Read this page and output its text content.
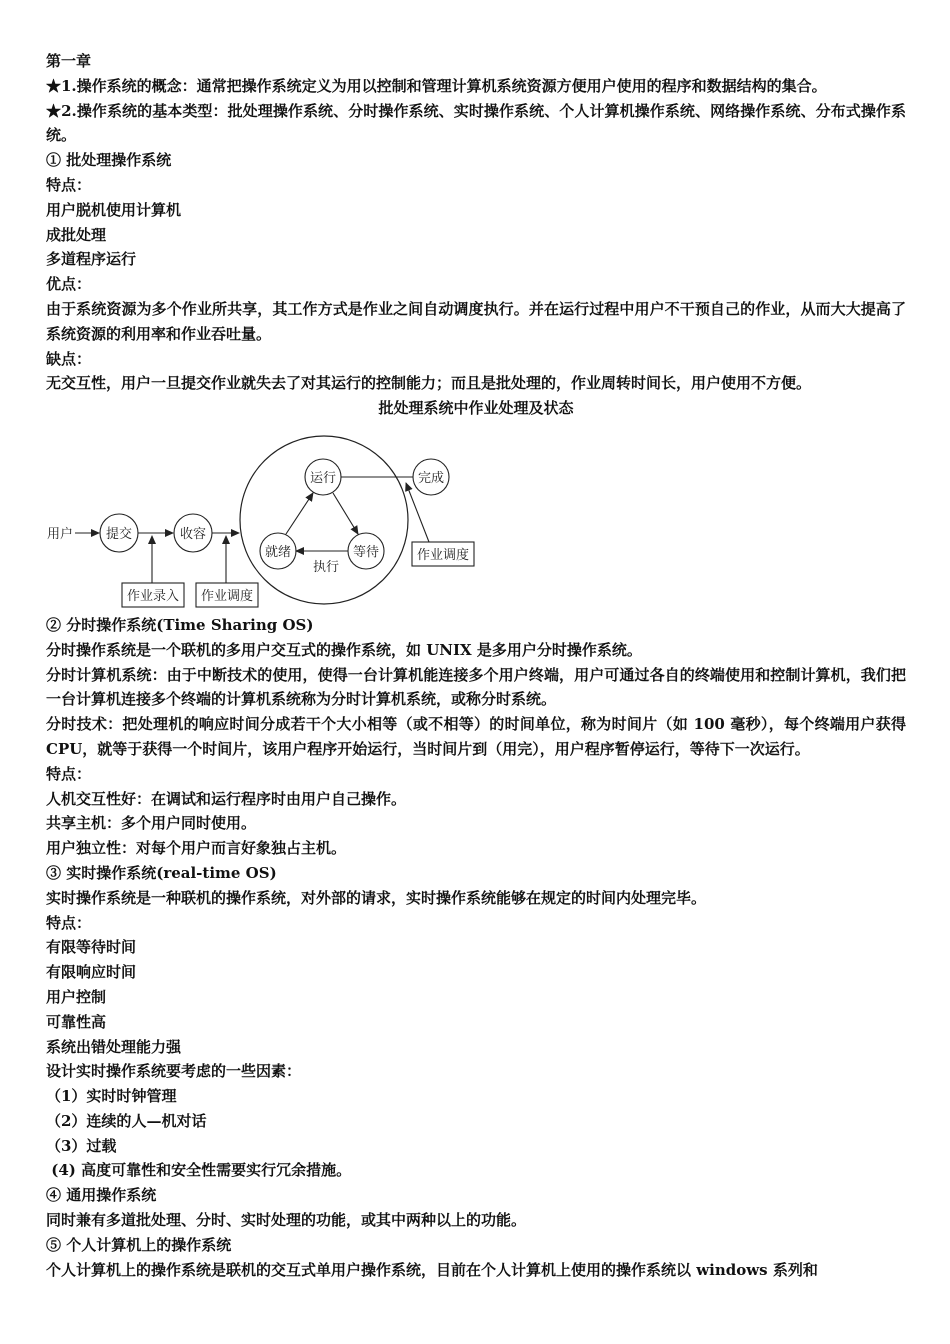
第一章
★1.操作系统的概念：通常把操作系统定义为用以控制和管理计算机系统资源方便用户使用的程序和数据结构的集合。
★2.操作系统的基本类型：批处理操作系统、分时操作系统、实时操作系统、个人计算机操作系统、网络操作系统、分布式操作系统。
① 批处理操作系统
特点：
用户脱机使用计算机
成批处理
多道程序运行
优点：
由于系统资源为多个作业所共享，其工作方式是作业之间自动调度执行。并在运行过程中用户不干预自己的作业，从而大大提高了系统资源的利用率和作业吞吐量。
缺点：
无交互性，用户一旦提交作业就失去了对其运行的控制能力；而且是批处理的，作业周转时间长，用户使用不方便。
批处理系统中作业处理及状态
用户	提交	收容
运行
就绪	等待
完成
执行
作业录入 作业调度
作业调度
② 分时操作系统(Time Sharing OS)
分时操作系统是一个联机的多用户交互式的操作系统，如 UNIX 是多用户分时操作系统。
分时计算机系统：由于中断技术的使用，使得一台计算机能连接多个用户终端，用户可通过各自的终端使用和控制计算机，我们把一台计算机连接多个终端的计算机系统称为分时计算机系统，或称分时系统。
分时技术：把处理机的响应时间分成若干个大小相等（或不相等）的时间单位，称为时间片（如 100 毫秒），每个终端用户获得 CPU，就等于获得一个时间片，该用户程序开始运行，当时间片到（用完），用户程序暂停运行，等待下一次运行。
特点：
人机交互性好：在调试和运行程序时由用户自己操作。
共享主机：多个用户同时使用。
用户独立性：对每个用户而言好象独占主机。
③ 实时操作系统(real-time OS)
实时操作系统是一种联机的操作系统，对外部的请求，实时操作系统能够在规定的时间内处理完毕。
特点：
有限等待时间
有限响应时间
用户控制
可靠性高
系统出错处理能力强
设计实时操作系统要考虑的一些因素：
（1）实时时钟管理
（2）连续的人—机对话
（3）过载
(4) 高度可靠性和安全性需要实行冗余措施。
④ 通用操作系统
同时兼有多道批处理、分时、实时处理的功能，或其中两种以上的功能。
⑤ 个人计算机上的操作系统
个人计算机上的操作系统是联机的交互式单用户操作系统，目前在个人计算机上使用的操作系统以 windows 系列和
